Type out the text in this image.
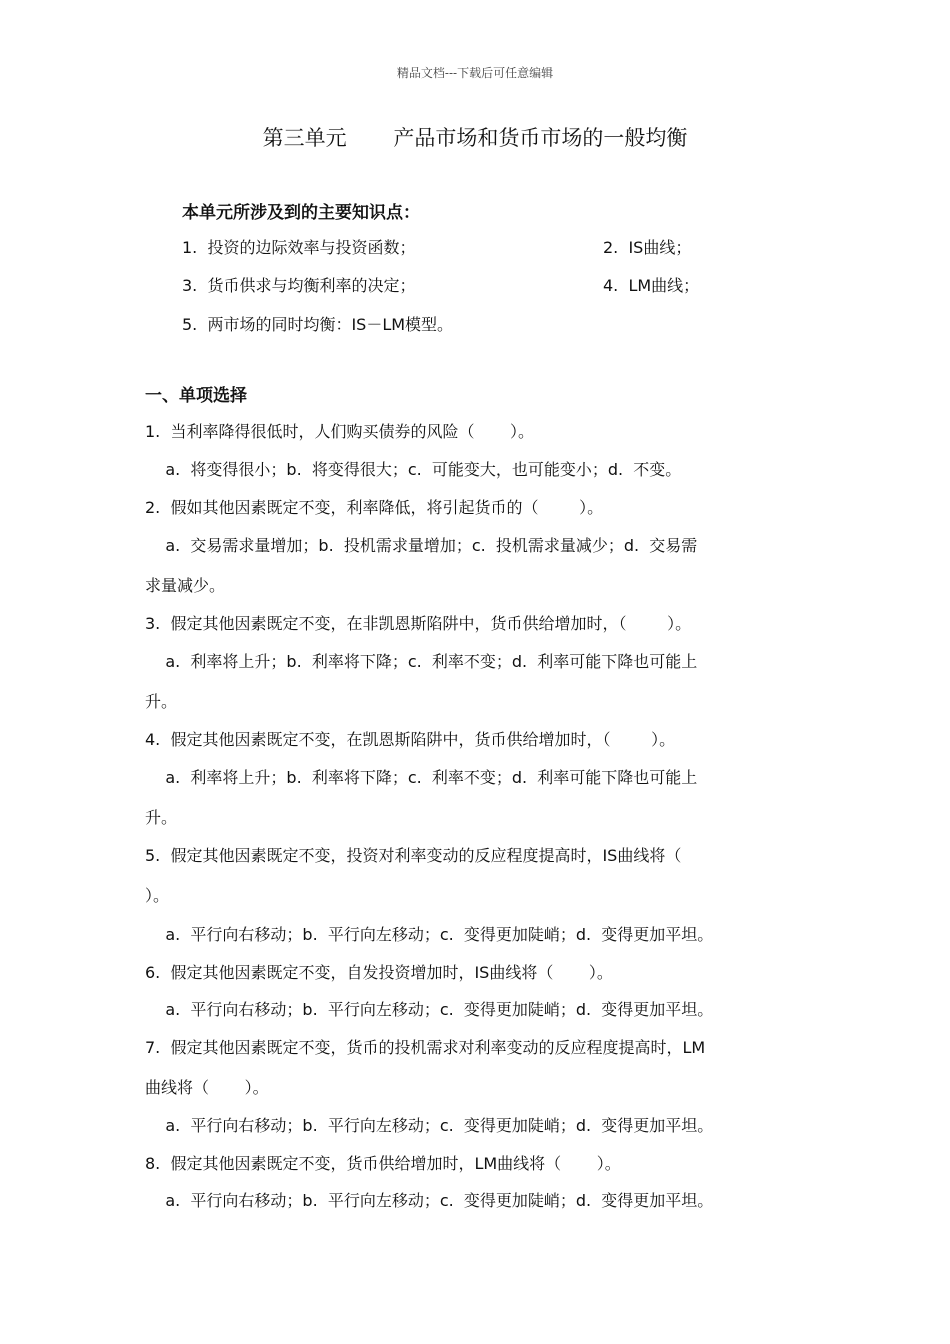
精品文档---下载后可任意编辑
第三单元       产品市场和货币市场的一般均衡
本单元所涉及到的主要知识点：
1.  投资的边际效率与投资函数；	2.  IS曲线；
3.  货币供求与均衡利率的决定；	4.  LM曲线；
5.  两市场的同时均衡：IS－LM模型。
一、单项选择
1.  当利率降得很低时，人们购买债券的风险（       ）。
a.  将变得很小；b.  将变得很大；c.  可能变大，也可能变小；d.  不变。
2.  假如其他因素既定不变，利率降低，将引起货币的（        ）。
a.  交易需求量增加；b.  投机需求量增加；c.  投机需求量减少；d.  交易需
求量减少。
3.  假定其他因素既定不变，在非凯恩斯陷阱中，货币供给增加时，（        ）。
a.  利率将上升；b.  利率将下降；c.  利率不变；d.  利率可能下降也可能上
升。
4.  假定其他因素既定不变，在凯恩斯陷阱中，货币供给增加时，（        ）。
a.  利率将上升；b.  利率将下降；c.  利率不变；d.  利率可能下降也可能上
升。
5.  假定其他因素既定不变，投资对利率变动的反应程度提高时，IS曲线将（
）。
a.  平行向右移动；b.  平行向左移动；c.  变得更加陡峭；d.  变得更加平坦。
6.  假定其他因素既定不变，自发投资增加时，IS曲线将（       ）。
a.  平行向右移动；b.  平行向左移动；c.  变得更加陡峭；d.  变得更加平坦。
7.  假定其他因素既定不变，货币的投机需求对利率变动的反应程度提高时，LM
曲线将（       ）。
a.  平行向右移动；b.  平行向左移动；c.  变得更加陡峭；d.  变得更加平坦。
8.  假定其他因素既定不变，货币供给增加时，LM曲线将（       ）。
a.  平行向右移动；b.  平行向左移动；c.  变得更加陡峭；d.  变得更加平坦。
